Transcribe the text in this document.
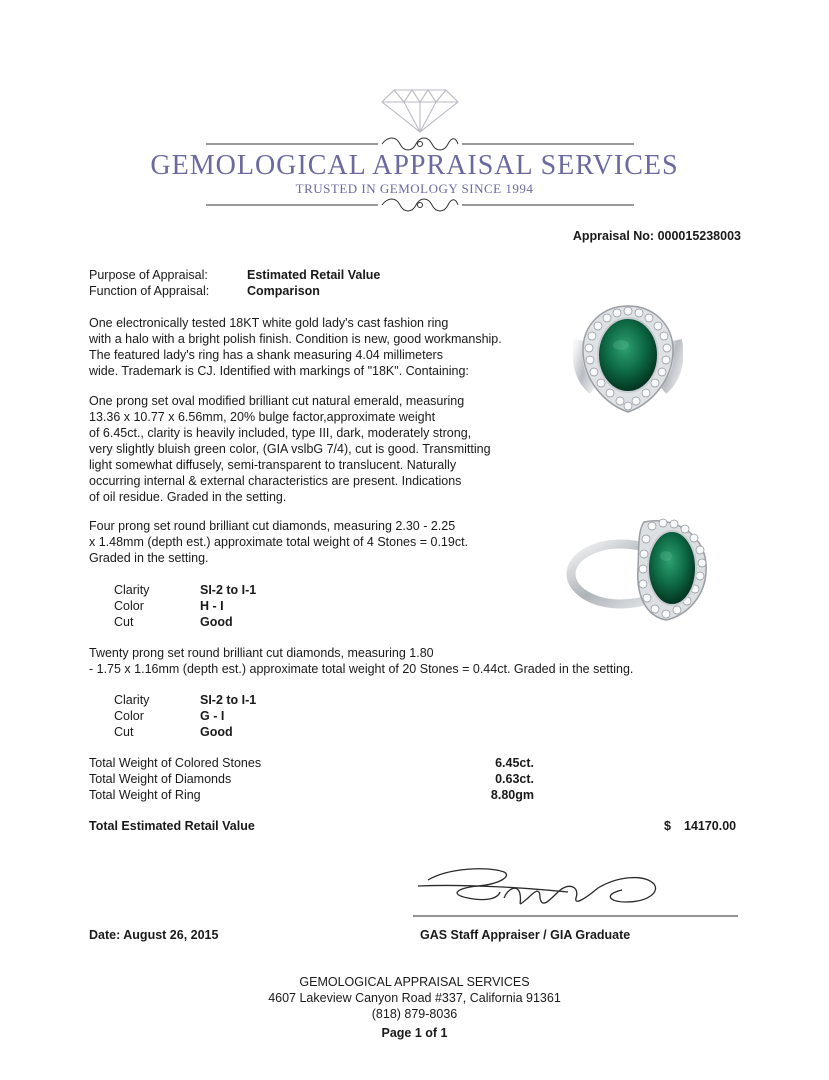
GEMOLOGICAL APPRAISAL SERVICES
TRUSTED IN GEMOLOGY SINCE 1994
Appraisal No: 000015238003
Purpose of Appraisal:	Estimated Retail Value
Function of Appraisal:	Comparison
One electronically tested 18KT white gold lady's cast fashion ring
with a halo with a bright polish finish. Condition is new, good workmanship.
The featured lady's ring has a shank measuring 4.04 millimeters
wide. Trademark is CJ. Identified with markings of "18K". Containing:
One prong set oval modified brilliant cut natural emerald, measuring
13.36 x 10.77 x 6.56mm, 20% bulge factor,approximate weight
of 6.45ct., clarity is heavily included, type III, dark, moderately strong,
very slightly bluish green color, (GIA vslbG 7/4), cut is good. Transmitting
light somewhat diffusely, semi-transparent to translucent. Naturally
occurring internal & external characteristics are present. Indications
of oil residue. Graded in the setting.
Four prong set round brilliant cut diamonds, measuring 2.30 - 2.25
x 1.48mm (depth est.) approximate total weight of 4 Stones = 0.19ct.
Graded in the setting.
Clarity	SI-2 to I-1
Color	H - I
Cut	Good
Twenty prong set round brilliant cut diamonds, measuring 1.80
- 1.75 x 1.16mm (depth est.) approximate total weight of 20 Stones = 0.44ct. Graded in the setting.
Clarity	SI-2 to I-1
Color	G - I
Cut	Good
Total Weight of Colored Stones	6.45ct.
Total Weight of Diamonds	0.63ct.
Total Weight of Ring	8.80gm
Total Estimated Retail Value	$ 14170.00
Date: August 26, 2015	GAS Staff Appraiser / GIA Graduate
GEMOLOGICAL APPRAISAL SERVICES
4607 Lakeview Canyon Road #337, California 91361
(818) 879-8036
Page 1 of 1
